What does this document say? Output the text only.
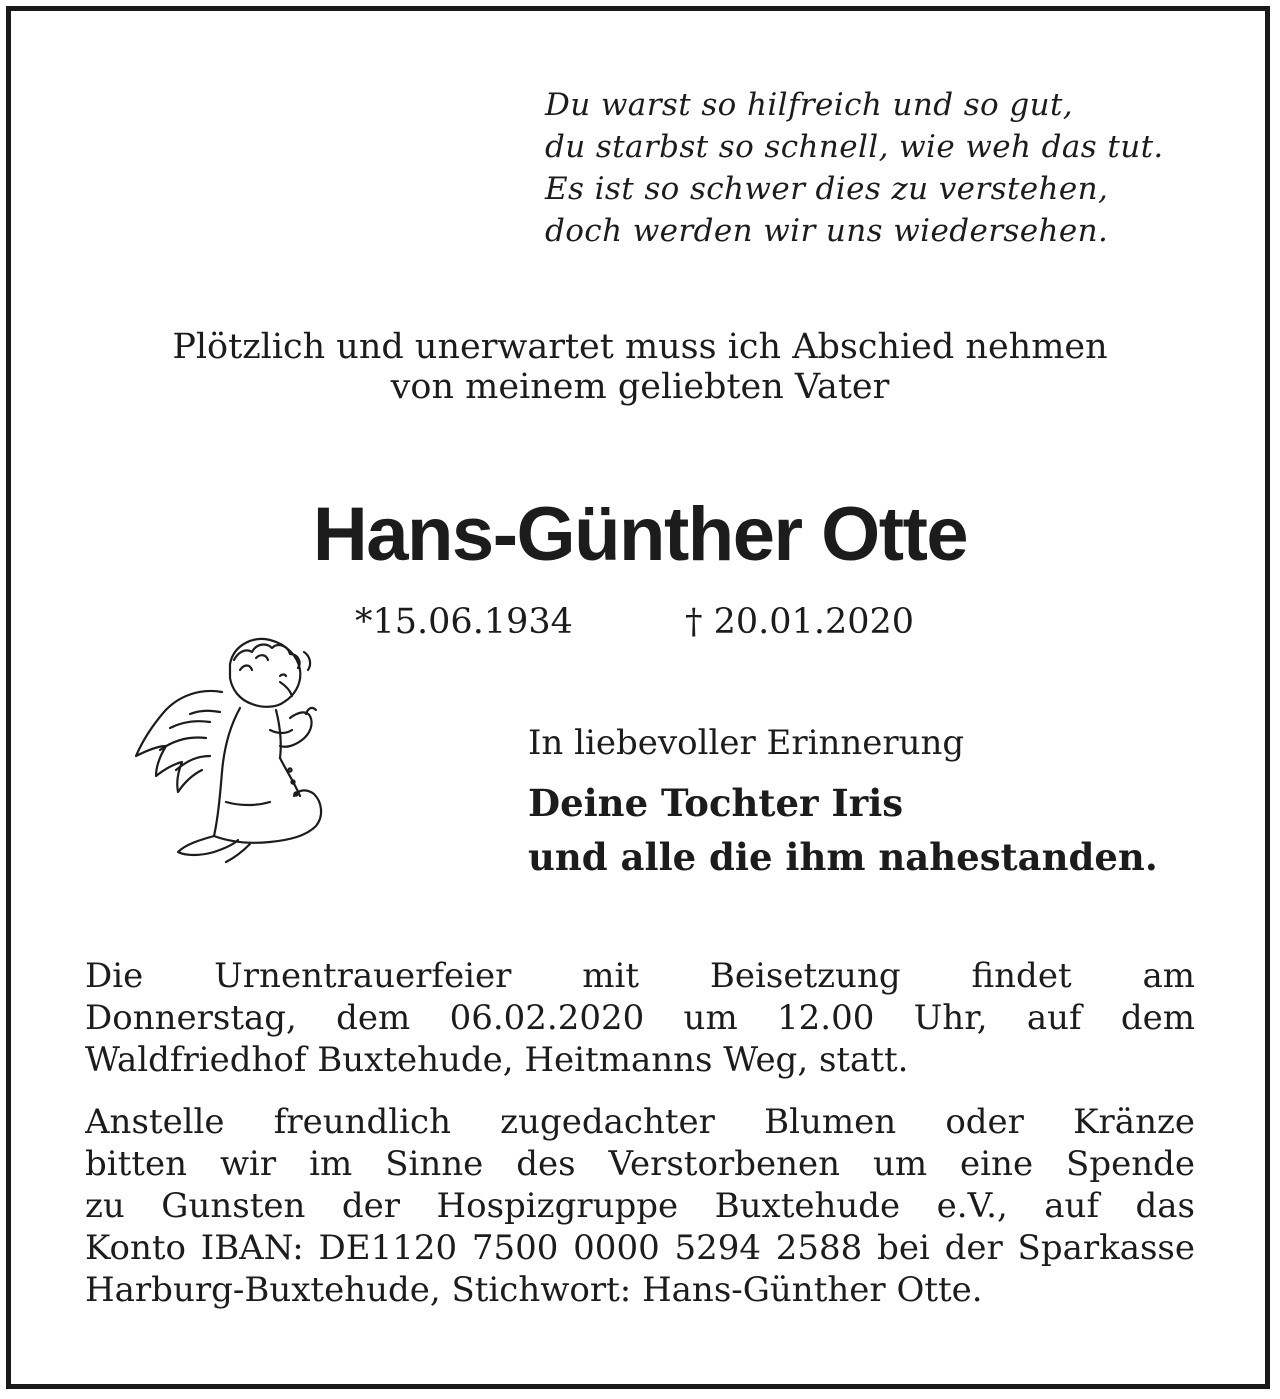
Du warst so hilfreich und so gut,
du starbst so schnell, wie weh das tut.
Es ist so schwer dies zu verstehen,
doch werden wir uns wiedersehen.
Plötzlich und unerwartet muss ich Abschied nehmen
von meinem geliebten Vater
Hans-Günther Otte
*15.06.1934	† 20.01.2020
In liebevoller Erinnerung
Deine Tochter Iris
und alle die ihm nahestanden.
Die Urnentrauerfeier mit Beisetzung findet am
Donnerstag, dem 06.02.2020 um 12.00 Uhr, auf dem
Waldfriedhof Buxtehude, Heitmanns Weg, statt.
Anstelle freundlich zugedachter Blumen oder Kränze
bitten wir im Sinne des Verstorbenen um eine Spende
zu Gunsten der Hospizgruppe Buxtehude e.V., auf das
Konto IBAN: DE1120 7500 0000 5294 2588 bei der Sparkasse
Harburg-Buxtehude, Stichwort: Hans-Günther Otte.
